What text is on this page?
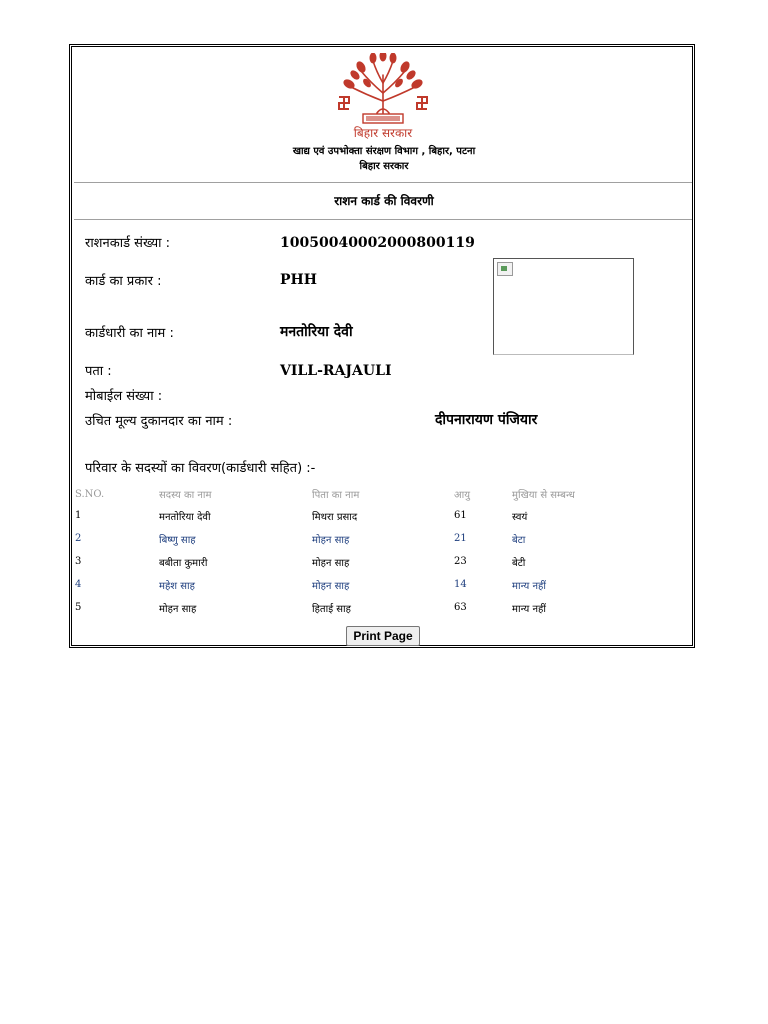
बिहार सरकार
खाद्य एवं उपभोक्ता संरक्षण विभाग , बिहार, पटना
बिहार सरकार
राशन कार्ड की विवरणी
राशनकार्ड संख्या :	10050040002000800119
कार्ड का प्रकार :	PHH
कार्डधारी का नाम :	मनतोरिया देवी
पता :	VILL-RAJAULI
मोबाईल संख्या :
उचित मूल्य दुकानदार का नाम :	दीपनारायण पंजियार
परिवार के सदस्यों का विवरण(कार्डधारी सहित) :-
S.NO.	सदस्य का नाम	पिता का नाम	आयु	मुखिया से सम्बन्ध
1	मनतोरिया देवी	मिथरा प्रसाद	61	स्वयं
2	बिष्णु साह	मोहन साह	21	बेटा
3	बबीता कुमारी	मोहन साह	23	बेटी
4	महेश साह	मोहन साह	14	मान्य नहीं
5	मोहन साह	हिताई साह	63	मान्य नहीं
Print Page
